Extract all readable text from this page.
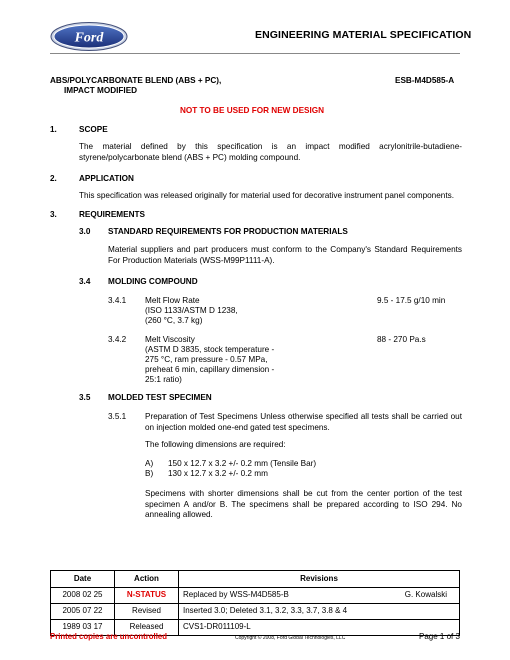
Ford	ENGINEERING MATERIAL SPECIFICATION
ABS/POLYCARBONATE BLEND (ABS + PC),
IMPACT MODIFIED
ESB-M4D585-A
NOT TO BE USED FOR NEW DESIGN
1.	SCOPE
The material defined by this specification is an impact modified acrylonitrile-butadiene-styrene/polycarbonate blend (ABS + PC) molding compound.
2.	APPLICATION
This specification was released originally for material used for decorative instrument panel components.
3.	REQUIREMENTS
3.0 STANDARD REQUIREMENTS FOR PRODUCTION MATERIALS
Material suppliers and part producers must conform to the Company's Standard Requirements For Production Materials (WSS-M99P1111-A).
3.4 MOLDING COMPOUND
3.4.1 Melt Flow Rate
(ISO 1133/ASTM D 1238,
(260 °C, 3.7 kg)
9.5 - 17.5 g/10 min
3.4.2 Melt Viscosity
(ASTM D 3835, stock temperature -
275 °C, ram pressure - 0.57 MPa,
preheat 6 min, capillary dimension -
25:1 ratio)
88 - 270 Pa.s
3.5 MOLDED TEST SPECIMEN
3.5.1 Preparation of Test Specimens Unless otherwise specified all tests shall be carried out on injection molded one-end gated test specimens.
The following dimensions are required:
A) 150 x 12.7 x 3.2 +/- 0.2 mm (Tensile Bar)
B) 130 x 12.7 x 3.2 +/- 0.2 mm
Specimens with shorter dimensions shall be cut from the center portion of the test specimen A and/or B. The specimens shall be prepared according to ISO 294. No annealing allowed.
Date	Action	Revisions
2008 02 25	N-STATUS	Replaced by WSS-M4D585-B G. Kowalski

2005 07 22	Revised	Inserted 3.0; Deleted 3.1, 3.2, 3.3, 3.7, 3.8 & 4
1989 03 17	Released	CVS1-DR011109-L
Printed copies are uncontrolled	Copyright © 2008, Ford Global Technologies, LLC	Page 1 of 3
